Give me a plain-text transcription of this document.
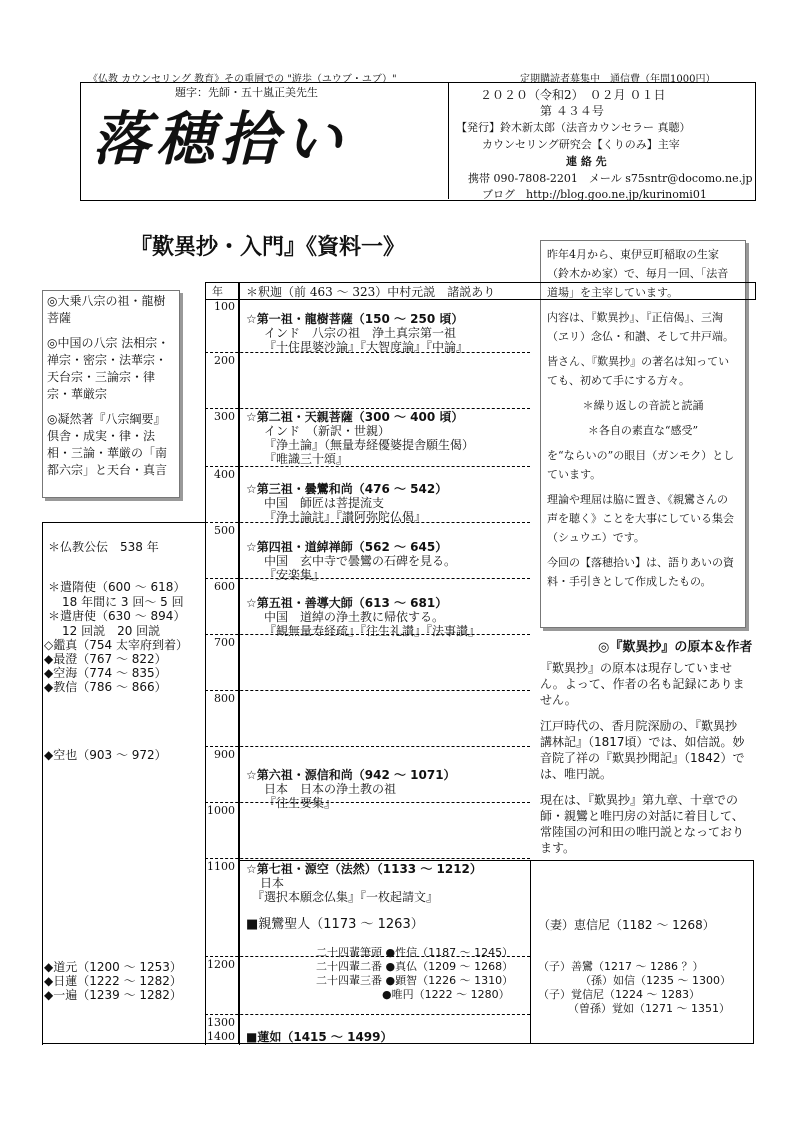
《仏教 カウンセリング 教育》その重層での "遊歩（ユウブ・ユブ）"	定期購読者募集中　通信費（年間1000円）
題字：先師・五十嵐正美先生
落穂拾い
２０２０（令和2）　０２月 ０１日
第 ４３４号
【発行】鈴木新太郎（法音カウンセラー 真聴）
カウンセリング研究会【くりのみ】主宰
連 絡 先
携帯 090-7808-2201　メール s75sntr@docomo.ne.jp
ブログ　http://blog.goo.ne.jp/kurinomi01
『歎異抄・入門』《資料一》

◎大乗八宗の祖・龍樹菩薩

◎中国の八宗 法相宗・禅宗・密宗・法華宗・天台宗・三論宗・律宗・華厳宗

◎凝然著『八宗綱要』倶舎・成実・律・法相・三論・華厳の「南都六宗」と天台・真言

昨年4月から、東伊豆町稲取の生家（鈴木かめ家）で、毎月一回、「法音道場」を主宰しています。

内容は、『歎異抄』、『正信偈』、三淘（ヱリ）念仏・和讃、そして井戸端。

皆さん、『歎異抄』の著名は知っていても、初めて手にする方々。

＊繰り返しの音読と読誦

＊各自の素直な“感受”

を“ならいの”の眼目（ガンモク）としています。

理論や理屈は脇に置き、《親鸞さんの声を聴く》ことを大事にしている集会（シュウエ）です。

今回の【落穂拾い】は、語りあいの資料・手引きとして作成したもの。

◎『歎異抄』の原本＆作者

『歎異抄』の原本は現存していません。よって、作者の名も記録にありません。

江戸時代の、香月院深励の、『歎異抄講林記』（1817頃）では、如信説。妙音院了祥の『歎異抄聞記』（1842）では、唯円説。

現在は、『歎異抄』第九章、十章での師・親鸞と唯円房の対話に着目して、常陸国の河和田の唯円説となっております。

年 ＊釈迦（前 463 ～ 323）中村元説　諸説あり
100
200
300
400
500
600
700
800
900
1000
1100
1200
1300
1400
＊仏教公伝　538 年
＊遣隋使（600 ～ 618）
18 年間に 3 回～ 5 回
＊遣唐使（630 ～ 894）
12 回説　20 回説
◇鑑真（754 太宰府到着）
◆最澄（767 ～ 822）
◆空海（774 ～ 835）
◆教信（786 ～ 866）
◆空也（903 ～ 972）
◆道元（1200 ～ 1253）
◆日蓮（1222 ～ 1282）
◆一遍（1239 ～ 1282）
☆第一祖・龍樹菩薩（150 ～ 250 頃）
インド　八宗の祖　浄土真宗第一祖
『十住毘婆沙論』『大智度論』『中論』
☆第二祖・天親菩薩（300 ～ 400 頃）
インド　（新訳・世親）
『浄土論』（無量寿経優婆提舎願生偈）
『唯識三十頌』
☆第三祖・曇鸞和尚（476 ～ 542）
中国　師匠は菩提流支
『浄土論註』『讃阿弥陀仏偈』
☆第四祖・道綽禅師（562 ～ 645）
中国　玄中寺で曇鸞の石碑を見る。
『安楽集』
☆第五祖・善導大師（613 ～ 681）
中国　道綽の浄土教に帰依する。
『観無量寿経疏』『往生礼讃』『法事讃』
☆第六祖・源信和尚（942 ～ 1071）
日本　日本の浄土教の祖
『往生要集』
☆第七祖・源空（法然）（1133 ～ 1212）
日本
『選択本願念仏集』『一枚起請文』
■親鸞聖人（1173 ～ 1263）
二十四輩筆頭 ●性信（1187 ～ 1245）
二十四輩二番 ●真仏（1209 ～ 1268）
二十四輩三番 ●顕智（1226 ～ 1310）
●唯円（1222 ～ 1280）
■蓮如（1415 ～ 1499）
（妻）恵信尼（1182 ～ 1268）
（子）善鸞（1217 ～ 1286 ？）
（孫）如信（1235 ～ 1300）
（子）覚信尼（1224 ～ 1283）
（曽孫）覚如（1271 ～ 1351）
